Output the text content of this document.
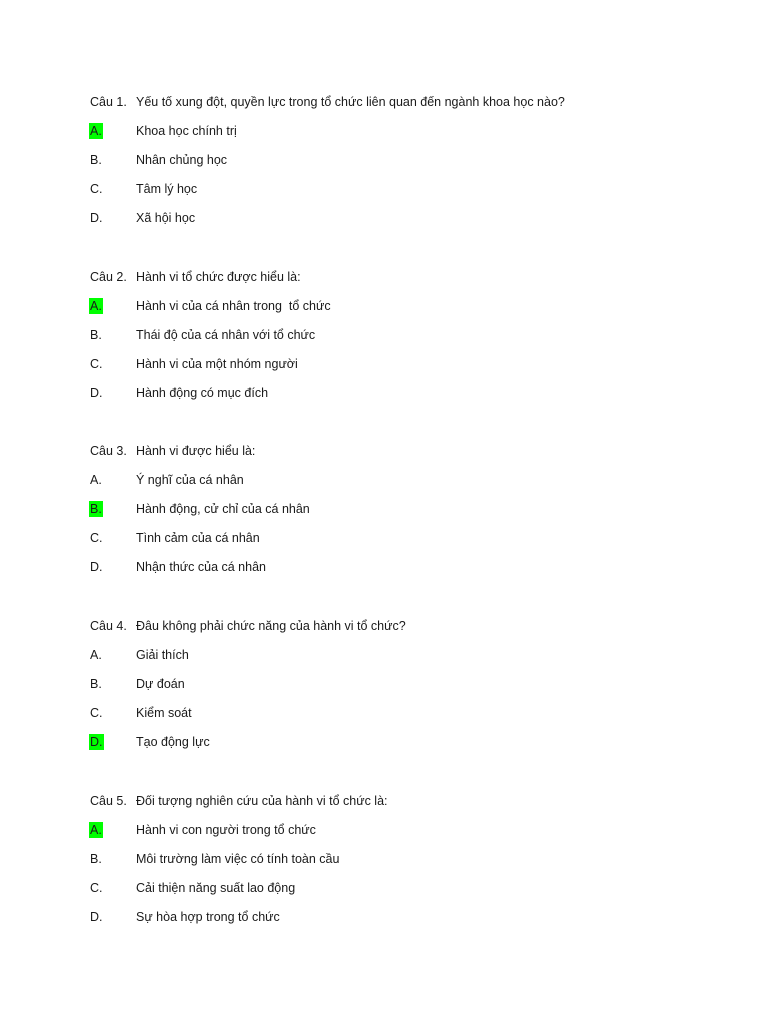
Câu 1. Yếu tố xung đột, quyền lực trong tổ chức liên quan đến ngành khoa học nào?
A.	Khoa học chính trị
B.	Nhân chủng học
C.	Tâm lý học
D.	Xã hội học
Câu 2. Hành vi tổ chức được hiểu là:
A.	Hành vi của cá nhân trong  tổ chức
B.	Thái độ của cá nhân với tổ chức
C.	Hành vi của một nhóm người
D.	Hành động có mục đích
Câu 3. Hành vi được hiểu là:
A.	Ý nghĩ của cá nhân
B.	Hành động, cử chỉ của cá nhân
C.	Tình cảm của cá nhân
D.	Nhận thức của cá nhân
Câu 4. Đâu không phải chức năng của hành vi tổ chức?
A.	Giải thích
B.	Dự đoán
C.	Kiểm soát
D.	Tạo động lực
Câu 5. Đối tượng nghiên cứu của hành vi tổ chức là:
A.	Hành vi con người trong tổ chức
B.	Môi trường làm việc có tính toàn cầu
C.	Cải thiện năng suất lao động
D.	Sự hòa hợp trong tổ chức
